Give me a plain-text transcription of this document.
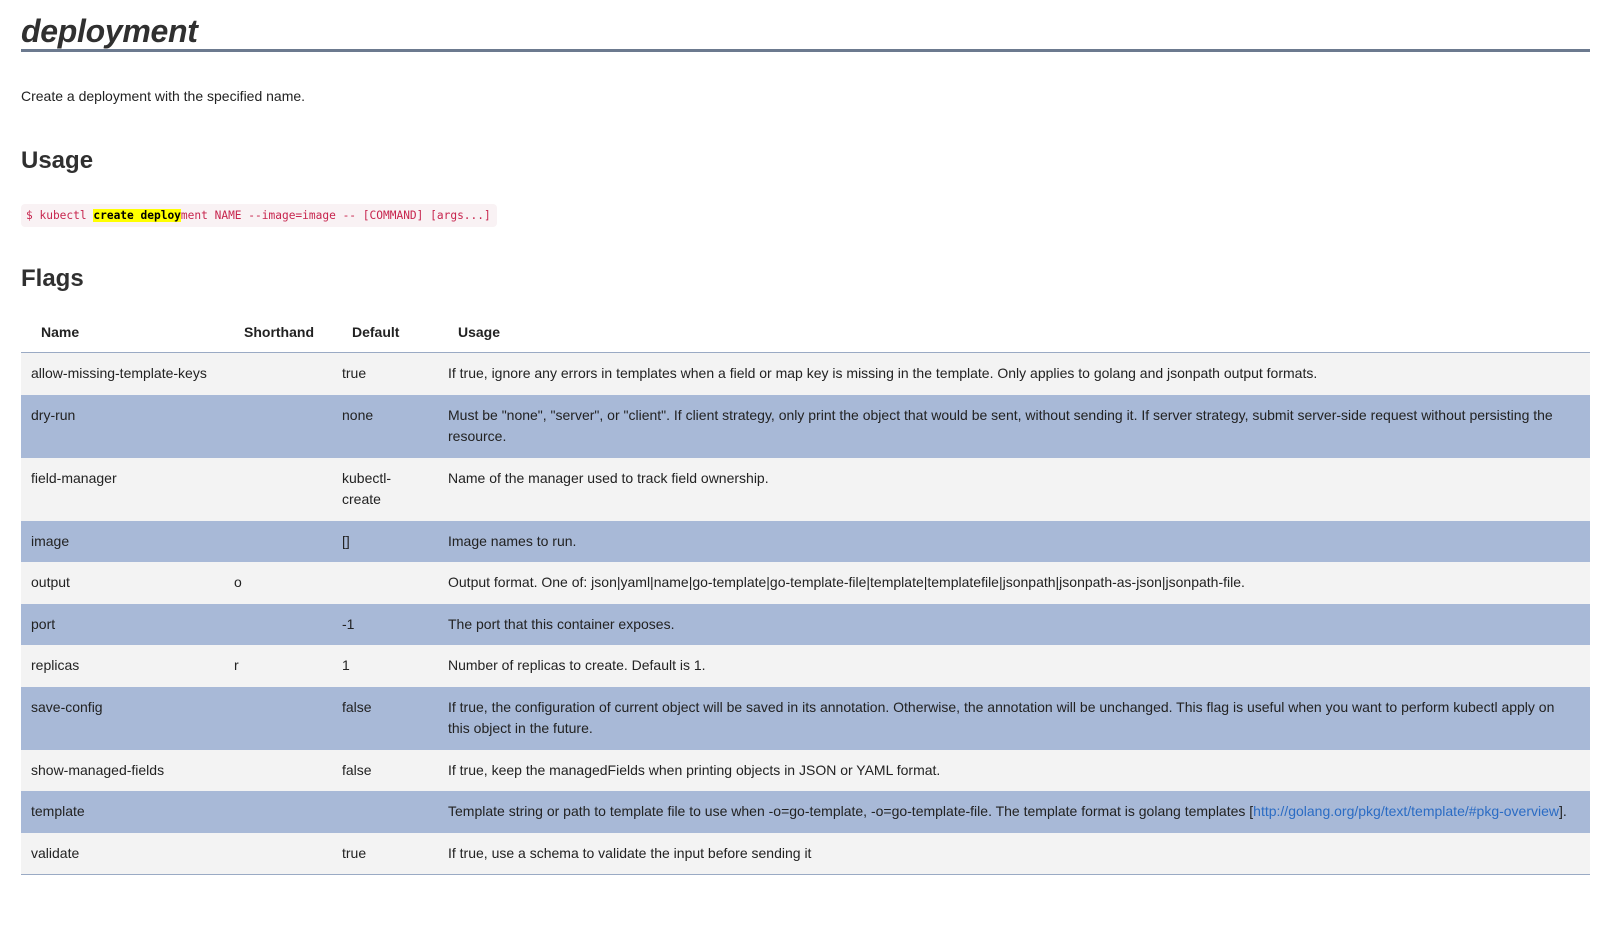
deployment

Create a deployment with the specified name.

Usage
$ kubectl create deployment NAME --image=image -- [COMMAND] [args...]
Flags
Name	Shorthand	Default	Usage
allow-missing-template-keys		true	If true, ignore any errors in templates when a field or map key is missing in the template. Only applies to golang and jsonpath output formats.
dry-run		none	Must be "none", "server", or "client". If client strategy, only print the object that would be sent, without sending it. If server strategy, submit server-side request without persisting the resource.
field-manager		kubectl-create	Name of the manager used to track field ownership.
image		[]	Image names to run.
output	o		Output format. One of: json|yaml|name|go-template|go-template-file|template|templatefile|jsonpath|jsonpath-as-json|jsonpath-file.
port		-1	The port that this container exposes.
replicas	r	1	Number of replicas to create. Default is 1.
save-config		false	If true, the configuration of current object will be saved in its annotation. Otherwise, the annotation will be unchanged. This flag is useful when you want to perform kubectl apply on this object in the future.
show-managed-fields		false	If true, keep the managedFields when printing objects in JSON or YAML format.
template			Template string or path to template file to use when -o=go-template, -o=go-template-file. The template format is golang templates [http://golang.org/pkg/text/template/#pkg-overview].
validate		true	If true, use a schema to validate the input before sending it
